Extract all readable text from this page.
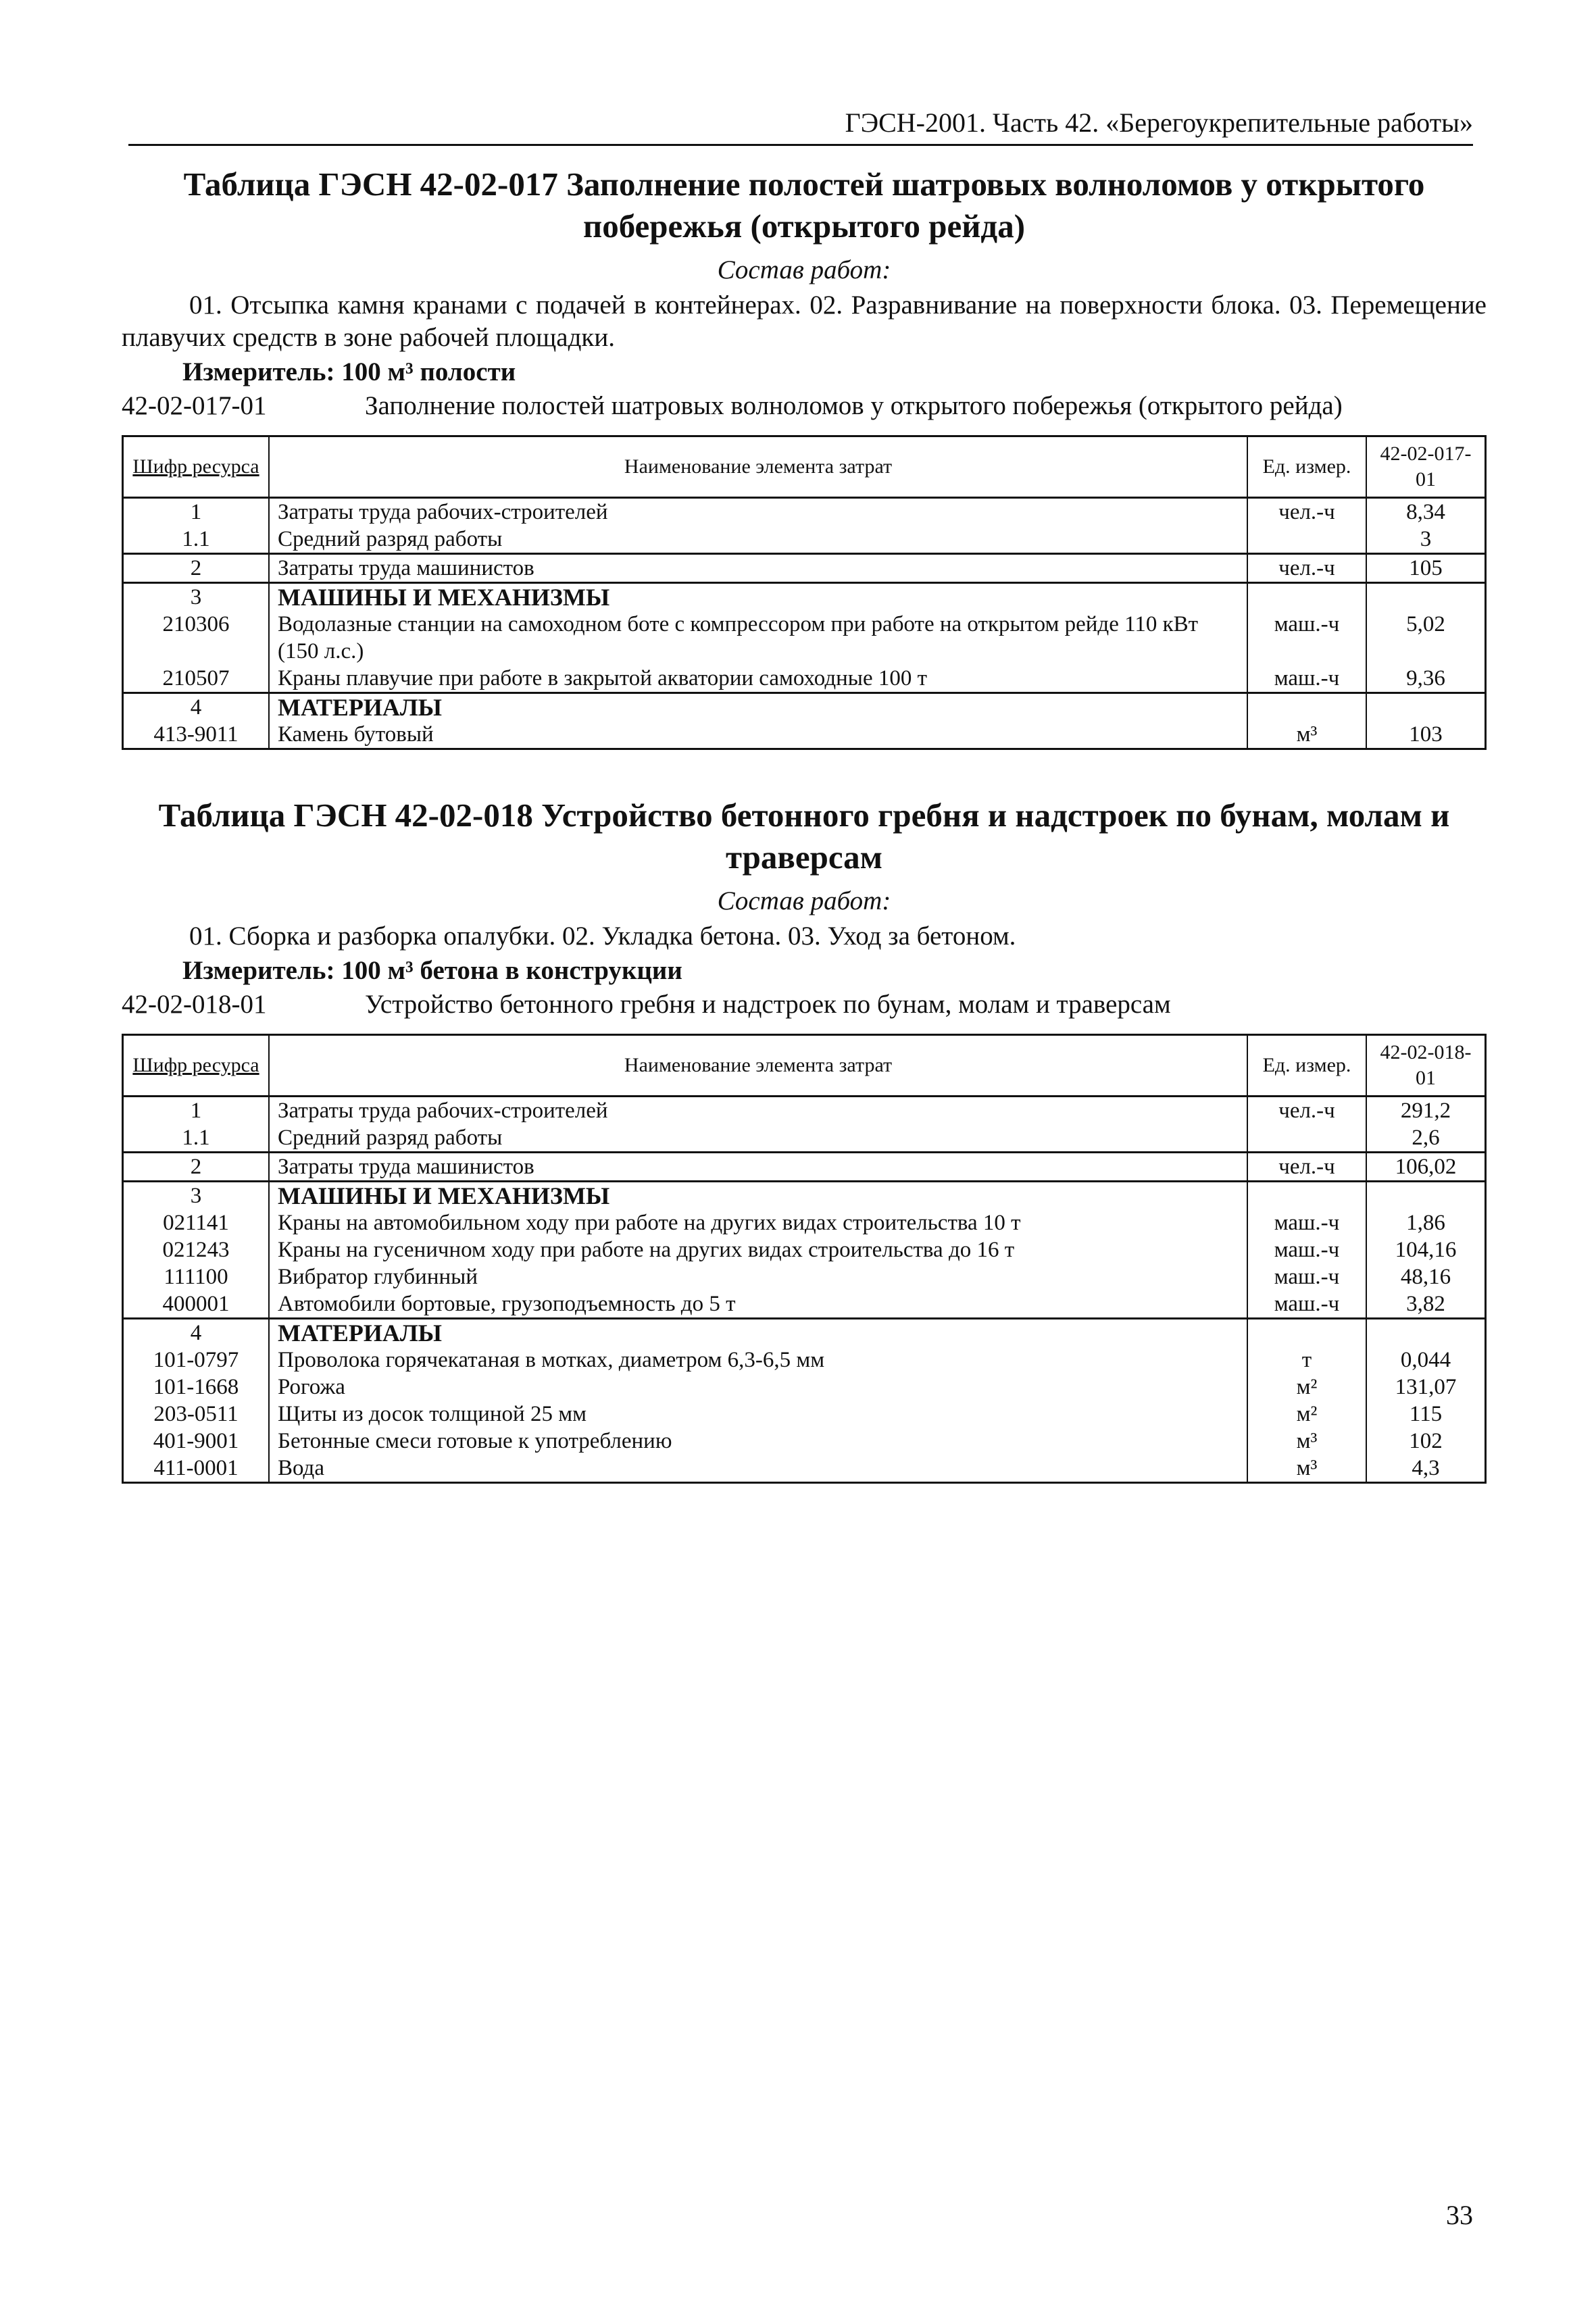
ГЭСН-2001. Часть 42. «Берегоукрепительные работы»
Таблица ГЭСН 42-02-017 Заполнение полостей шатровых волноломов у открытого побережья (открытого рейда)
Состав работ:
01. Отсыпка камня кранами с подачей в контейнерах. 02. Разравнивание на поверхности блока. 03. Перемещение плавучих средств в зоне рабочей площадки.
Измеритель: 100 м³ полости
42-02-017-01	Заполнение полостей шатровых волноломов у открытого побережья (открытого рейда)
Шифр ресурса	Наименование элемента затрат	Ед. измер.	42-02-017-01
1	Затраты труда рабочих-строителей	чел.-ч	8,34
1.1	Средний разряд работы		3
2	Затраты труда машинистов	чел.-ч	105
3	МАШИНЫ И МЕХАНИЗМЫ		
210306	Водолазные станции на самоходном боте с компрессором при работе на открытом рейде 110 кВт (150 л.с.)	маш.-ч	5,02
210507	Краны плавучие при работе в закрытой акватории самоходные 100 т	маш.-ч	9,36
4	МАТЕРИАЛЫ		
413-9011	Камень бутовый	м³	103
Таблица ГЭСН 42-02-018 Устройство бетонного гребня и надстроек по бунам, молам и траверсам
Состав работ:
01. Сборка и разборка опалубки. 02. Укладка бетона. 03. Уход за бетоном.
Измеритель: 100 м³ бетона в конструкции
42-02-018-01	Устройство бетонного гребня и надстроек по бунам, молам и траверсам
Шифр ресурса	Наименование элемента затрат	Ед. измер.	42-02-018-01
1	Затраты труда рабочих-строителей	чел.-ч	291,2
1.1	Средний разряд работы		2,6
2	Затраты труда машинистов	чел.-ч	106,02
3	МАШИНЫ И МЕХАНИЗМЫ		
021141	Краны на автомобильном ходу при работе на других видах строительства 10 т	маш.-ч	1,86
021243	Краны на гусеничном ходу при работе на других видах строительства до 16 т	маш.-ч	104,16
111100	Вибратор глубинный	маш.-ч	48,16
400001	Автомобили бортовые, грузоподъемность до 5 т	маш.-ч	3,82
4	МАТЕРИАЛЫ		
101-0797	Проволока горячекатаная в мотках, диаметром 6,3-6,5 мм	т	0,044
101-1668	Рогожа	м²	131,07
203-0511	Щиты из досок толщиной 25 мм	м²	115
401-9001	Бетонные смеси готовые к употреблению	м³	102
411-0001	Вода	м³	4,3
33
